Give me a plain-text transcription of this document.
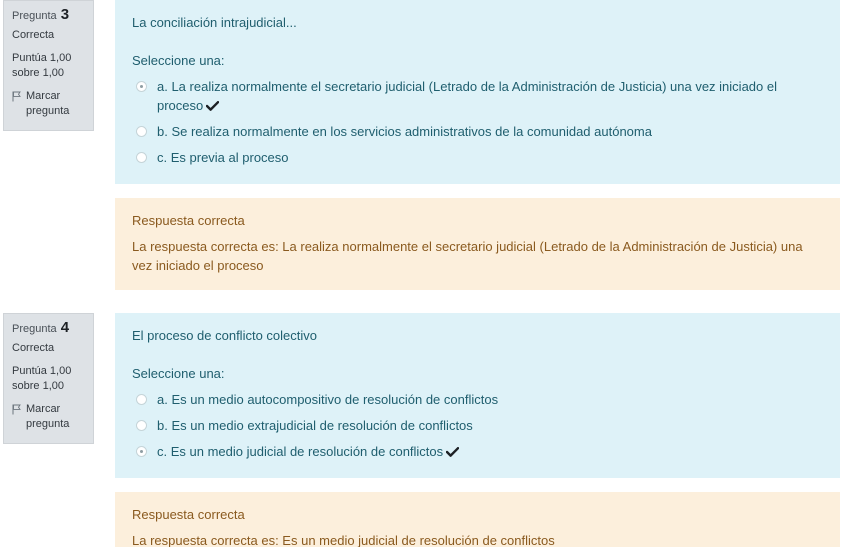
Pregunta 3
Correcta
Puntúa 1,00 sobre 1,00
Marcar pregunta
La conciliación intrajudicial...
Seleccione una:
a. La realiza normalmente el secretario judicial (Letrado de la Administración de Justicia) una vez iniciado el proceso
b. Se realiza normalmente en los servicios administrativos de la comunidad autónoma
c. Es previa al proceso
Respuesta correcta
La respuesta correcta es: La realiza normalmente el secretario judicial (Letrado de la Administración de Justicia) una vez iniciado el proceso
Pregunta 4
Correcta
Puntúa 1,00 sobre 1,00
Marcar pregunta
El proceso de conflicto colectivo
Seleccione una:
a. Es un medio autocompositivo de resolución de conflictos
b. Es un medio extrajudicial de resolución de conflictos
c. Es un medio judicial de resolución de conflictos
Respuesta correcta
La respuesta correcta es: Es un medio judicial de resolución de conflictos
